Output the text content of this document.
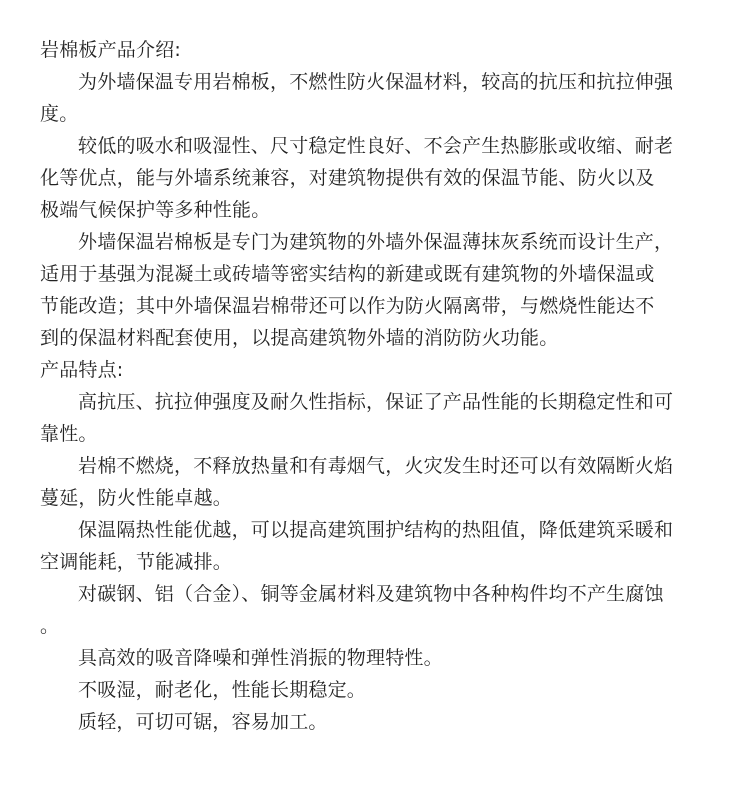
岩棉板产品介绍:
为外墙保温专用岩棉板，不燃性防火保温材料，较高的抗压和抗拉伸强
度。
较低的吸水和吸湿性、尺寸稳定性良好、不会产生热膨胀或收缩、耐老
化等优点，能与外墙系统兼容，对建筑物提供有效的保温节能、防火以及
极端气候保护等多种性能。
外墙保温岩棉板是专门为建筑物的外墙外保温薄抹灰系统而设计生产，
适用于基强为混凝土或砖墙等密实结构的新建或既有建筑物的外墙保温或
节能改造；其中外墙保温岩棉带还可以作为防火隔离带，与燃烧性能达不
到的保温材料配套使用，以提高建筑物外墙的消防防火功能。
产品特点:
高抗压、抗拉伸强度及耐久性指标，保证了产品性能的长期稳定性和可
靠性。
岩棉不燃烧，不释放热量和有毒烟气，火灾发生时还可以有效隔断火焰
蔓延，防火性能卓越。
保温隔热性能优越，可以提高建筑围护结构的热阻值，降低建筑采暖和
空调能耗，节能减排。
对碳钢、铝（合金）、铜等金属材料及建筑物中各种构件均不产生腐蚀
。
具高效的吸音降噪和弹性消振的物理特性。
不吸湿，耐老化，性能长期稳定。
质轻，可切可锯，容易加工。
